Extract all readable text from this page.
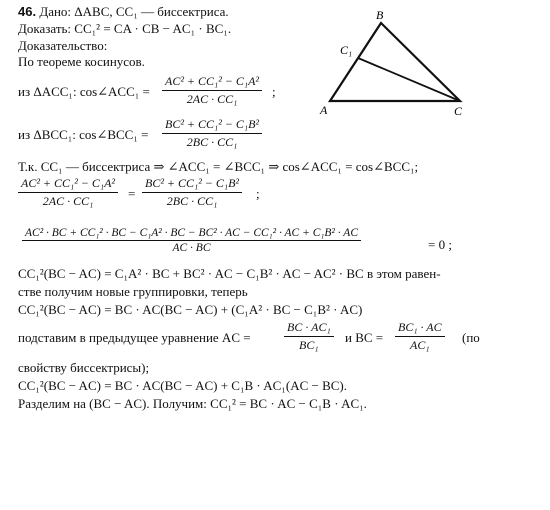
46. Дано: ΔABC, CC₁ — биссектриса.
Доказать: CC₁² = CA · CB − AC₁ · BC₁.
Доказательство:
По теореме косинусов.
A
B
C
C₁
из ΔACC₁: cos∠ACC₁ = $\frac{\text{AC² + CC₁² − C₁A²}}{\text{2AC · CC₁}}$ ;
из ΔBCC₁: cos∠BCC₁ = $\frac{\text{BC² + CC₁² − C₁B²}}{\text{2BC · CC₁}}$
Т.к. CC₁ — биссектриса ⇒ ∠ACC₁ = ∠BCC₁ ⇒ cos∠ACC₁ = cos∠BCC₁;
$\frac{\text{AC² + CC₁² − C₁A²}}{\text{2AC · CC₁}} = \frac{\text{BC² + CC₁² − C₁B²}}{\text{2BC · CC₁}}$ ;
AC² · BC + CC₁² · BC − C₁A² · BC − BC² · AC − CC₁² · AC + C₁B² · AC
AC · BC	= 0 ;
CC₁²(BC − AC) = C₁A² · BC + BC² · AC − C₁B² · AC − AC² · BC в этом равен-
стве получим новые группировки, теперь
CC₁²(BC − AC) = BC · AC(BC − AC) + (C₁A² · BC − C₁B² · AC)
подставим в предыдущее уравнение AC =	$\frac{\text{BC · AC₁}}{\text{BC₁}}$ и BC = $\frac{\text{BC₁ · AC}}{\text{AC₁}} (по$
свойству биссектрисы);
CC₁²(BC − AC) = BC · AC(BC − AC) + C₁B · AC₁(AC − BC).
Разделим на (BC − AC). Получим: CC₁² = BC · AC − C₁B · AC₁.
